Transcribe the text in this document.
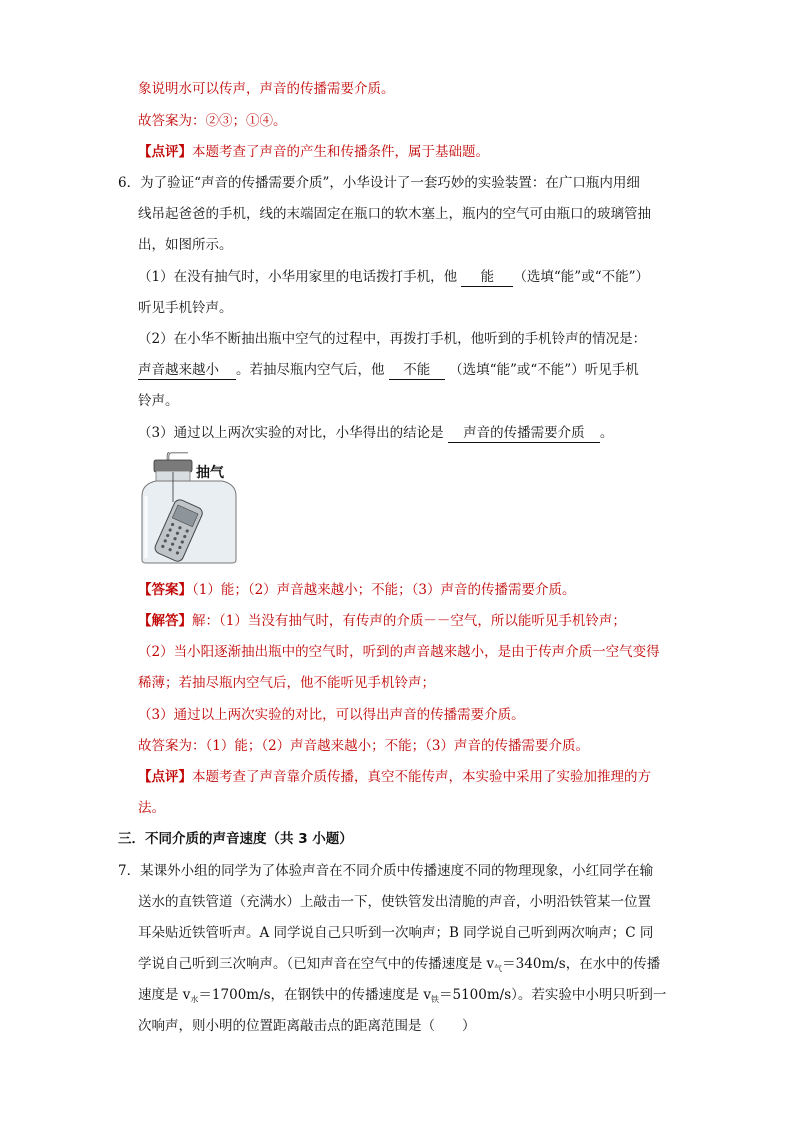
象说明水可以传声，声音的传播需要介质。
故答案为：②③；①④。
【点评】本题考查了声音的产生和传播条件，属于基础题。
6．为了验证“声音的传播需要介质”，小华设计了一套巧妙的实验装置：在广口瓶内用细
线吊起爸爸的手机，线的末端固定在瓶口的软木塞上，瓶内的空气可由瓶口的玻璃管抽
出，如图所示。
（1）在没有抽气时，小华用家里的电话拨打手机，他 能 （选填“能”或“不能”）
听见手机铃声。
（2）在小华不断抽出瓶中空气的过程中，再拨打手机，他听到的手机铃声的情况是：
声音越来越小 。若抽尽瓶内空气后，他 不能 （选填“能”或“不能”）听见手机
铃声。
（3）通过以上两次实验的对比，小华得出的结论是 声音的传播需要介质 。
抽气
【答案】（1）能；（2）声音越来越小；不能；（3）声音的传播需要介质。
【解答】解：（1）当没有抽气时，有传声的介质－－空气，所以能听见手机铃声；
（2）当小阳逐渐抽出瓶中的空气时，听到的声音越来越小，是由于传声介质一空气变得
稀薄；若抽尽瓶内空气后，他不能听见手机铃声；
（3）通过以上两次实验的对比，可以得出声音的传播需要介质。
故答案为：（1）能；（2）声音越来越小；不能；（3）声音的传播需要介质。
【点评】本题考查了声音靠介质传播，真空不能传声，本实验中采用了实验加推理的方
法。
三．不同介质的声音速度（共 3 小题）
7．某课外小组的同学为了体验声音在不同介质中传播速度不同的物理现象，小红同学在输
送水的直铁管道（充满水）上敲击一下，使铁管发出清脆的声音，小明沿铁管某一位置
耳朵贴近铁管听声。A 同学说自己只听到一次响声；B 同学说自己听到两次响声；C 同
学说自己听到三次响声。（已知声音在空气中的传播速度是 $v_气=340m/s$，在水中的传播
速度是 $v_水=1700m/s$，在钢铁中的传播速度是 $v_铁=5100m/s$）。若实验中小明只听到一
次响声，则小明的位置距离敲击点的距离范围是（　　）
